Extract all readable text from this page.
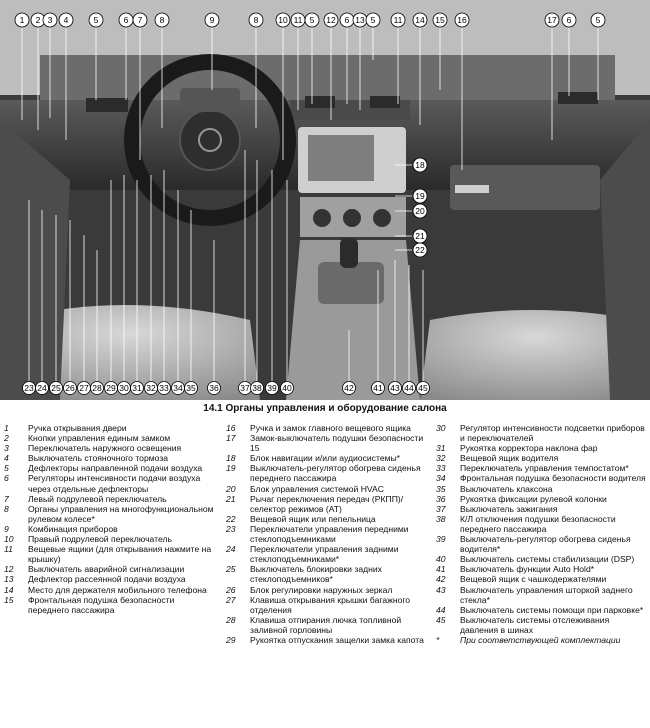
1 2 3 4	5	6 7 8	9	8 10 11 5 12 6 13 5 11 14 15 16	17 6	5
23 24 25 26 27 28 29 30 31 32 33 34 35 36	37 38 39 40	41
42	43 44 45
18
19
20
21
22
14.1 Органы управления и оборудование салона
1 Ручка открывания двери
2 Кнопки управления единым замком
3 Переключатель наружного освещения
4 Выключатель стояночного тормоза
5 Дефлекторы направленной подачи воздуха
6 Регуляторы интенсивности подачи воздуха через отдельные дефлекторы
7 Левый подрулевой переключатель
8 Органы управления на многофункциональном рулевом колесе*
9 Комбинация приборов
10 Правый подрулевой переключатель
11 Вещевые ящики (для открывания нажмите на крышку)
12 Выключатель аварийной сигнализации
13 Дефлектор рассеянной подачи воздуха
14 Место для держателя мобильного телефона
15 Фронтальная подушка безопасности переднего пассажира
16 Ручка и замок главного вещевого ящика
17 Замок-выключатель подушки безопасности 15
18 Блок навигации и/или аудиосистемы*
19 Выключатель-регулятор обогрева сиденья переднего пассажира
20 Блок управления системой HVAC
21 Рычаг переключения передач (РКПП)/селектор режимов (АТ)
22 Вещевой ящик или пепельница
23 Переключатели управления передними стеклоподъемниками
24 Переключатели управления задними стеклоподъемниками*
25 Выключатель блокировки задних стеклоподъемников*
26 Блок регулировки наружных зеркал
27 Клавиша открывания крышки багажного отделения
28 Клавиша отпирания лючка топливной заливной горловины
29 Рукоятка отпускания защелки замка капота
30 Регулятор интенсивности подсветки приборов и переключателей
31 Рукоятка корректора наклона фар
32 Вещевой ящик водителя
33 Переключатель управления темпостатом*
34 Фронтальная подушка безопасности водителя
35 Выключатель клаксона
36 Рукоятка фиксации рулевой колонки
37 Выключатель зажигания
38 К/Л отключения подушки безопасности переднего пассажира
39 Выключатель-регулятор обогрева сиденья водителя*
40 Выключатель системы стабилизации (DSP)
41 Выключатель функции Auto Hold*
42 Вещевой ящик с чашкодержателями
43 Выключатель управления шторкой заднего стекла*
44 Выключатель системы помощи при парковке*
45 Выключатель системы отслеживания давления в шинах
* При соответствующей комплектации
